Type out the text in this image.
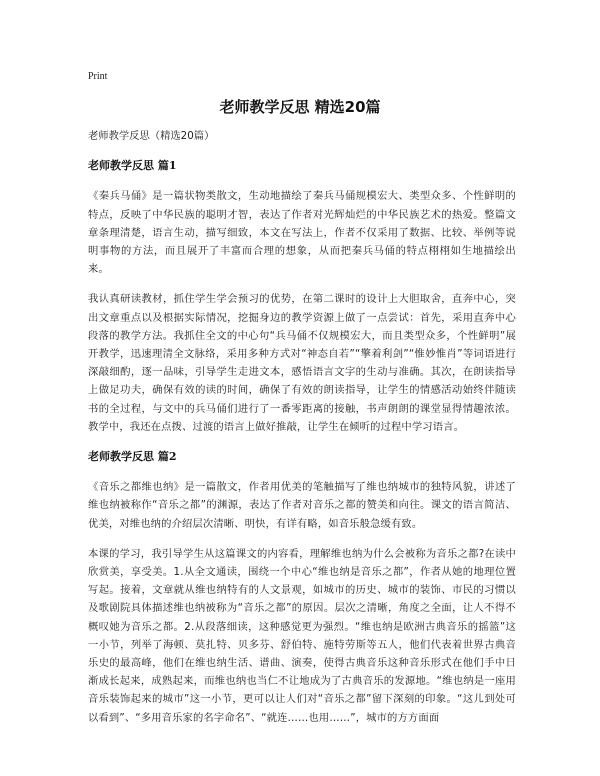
Print
老师教学反思 精选20篇

老师教学反思（精选20篇）

老师教学反思 篇1

《秦兵马俑》是一篇状物类散文，生动地描绘了秦兵马俑规模宏大、类型众多、个性鲜明的特点，反映了中华民族的聪明才智，表达了作者对光辉灿烂的中华民族艺术的热爱。整篇文章条理清楚，语言生动，描写细致，本文在写法上，作者不仅采用了数据、比较、举例等说明事物的方法，而且展开了丰富而合理的想象，从而把秦兵马俑的特点栩栩如生地描绘出来。

我认真研读教材，抓住学生学会预习的优势，在第二课时的设计上大胆取舍，直奔中心，突出文章重点以及根据实际情况，挖掘身边的教学资源上做了一点尝试：首先，采用直奔中心段落的教学方法。我抓住全文的中心句“兵马俑不仅规模宏大，而且类型众多，个性鲜明”展开教学，迅速理清全文脉络，采用多种方式对“神态自若”“擎着利剑”“惟妙惟肖”等词语进行深敲细酌，逐一品味，引导学生走进文本，感悟语言文字的生动与准确。其次，在朗读指导上做足功夫，确保有效的读的时间，确保了有效的朗读指导，让学生的情感活动始终伴随读书的全过程，与文中的兵马俑们进行了一番零距离的接触，书声朗朗的课堂显得情趣浓浓。教学中，我还在点拨、过渡的语言上做好推敲，让学生在倾听的过程中学习语言。

老师教学反思 篇2

《音乐之都维也纳》是一篇散文，作者用优美的笔触描写了维也纳城市的独特风貌，讲述了维也纳被称作“音乐之都”的渊源，表达了作者对音乐之都的赞美和向往。课文的语言简洁、优美，对维也纳的介绍层次清晰、明快，有详有略，如音乐般急缓有致。

本课的学习，我引导学生从这篇课文的内容看，理解维也纳为什么会被称为音乐之都?在读中欣赏美，享受美。1.从全文通读，围绕一个中心“维也纳是音乐之都”，作者从她的地理位置写起。接着，文章就从维也纳特有的人文景观，如城市的历史、城市的装饰、市民的习惯以及歌剧院具体描述维也纳被称为“音乐之都”的原因。层次之清晰，角度之全面，让人不得不概叹她为音乐之都。2.从段落细读，这种感觉更为强烈。“维也纳是欧洲古典音乐的摇篮”这一小节，列举了海顿、莫扎特、贝多芬、舒伯特、施特劳斯等五人，他们代表着世界古典音乐史的最高峰，他们在维也纳生活、谱曲、演奏，使得古典音乐这种音乐形式在他们手中日渐成长起来，成熟起来，而维也纳也当仁不让地成为了古典音乐的发源地。“维也纳是一座用音乐装饰起来的城市”这一小节，更可以让人们对“音乐之都”留下深刻的印象。“这儿到处可以看到”、“多用音乐家的名字命名”、“就连……也用……”，城市的方方面面
